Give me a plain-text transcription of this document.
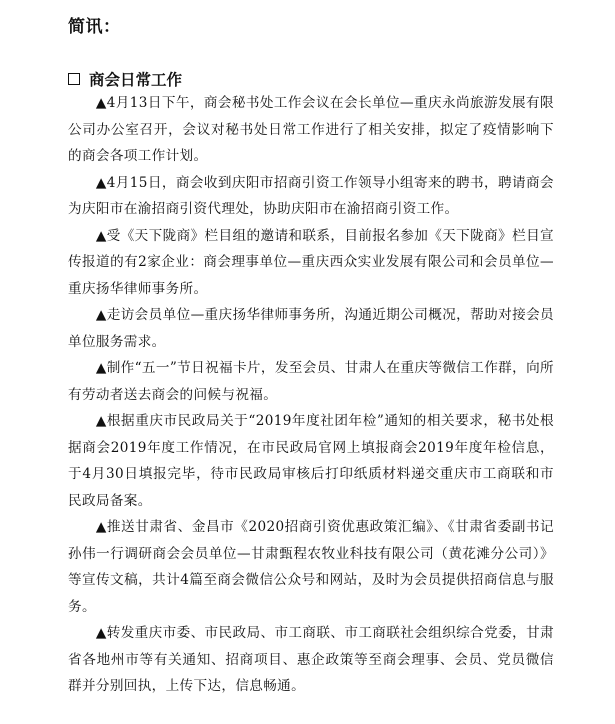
简讯：
商会日常工作

▲4月13日下午，商会秘书处工作会议在会长单位—重庆永尚旅游发展有限公司办公室召开，会议对秘书处日常工作进行了相关安排，拟定了疫情影响下的商会各项工作计划。

▲4月15日，商会收到庆阳市招商引资工作领导小组寄来的聘书，聘请商会为庆阳市在渝招商引资代理处，协助庆阳市在渝招商引资工作。

▲受《天下陇商》栏目组的邀请和联系，目前报名参加《天下陇商》栏目宣传报道的有2家企业：商会理事单位—重庆西众实业发展有限公司和会员单位—重庆扬华律师事务所。

▲走访会员单位—重庆扬华律师事务所，沟通近期公司概况，帮助对接会员单位服务需求。

▲制作“五一”节日祝福卡片，发至会员、甘肃人在重庆等微信工作群，向所有劳动者送去商会的问候与祝福。

▲根据重庆市民政局关于“2019年度社团年检”通知的相关要求，秘书处根据商会2019年度工作情况，在市民政局官网上填报商会2019年度年检信息，于4月30日填报完毕，待市民政局审核后打印纸质材料递交重庆市工商联和市民政局备案。

▲推送甘肃省、金昌市《2020招商引资优惠政策汇编》、《甘肃省委副书记孙伟一行调研商会会员单位—甘肃甄程农牧业科技有限公司（黄花滩分公司）》等宣传文稿，共计4篇至商会微信公众号和网站，及时为会员提供招商信息与服务。

▲转发重庆市委、市民政局、市工商联、市工商联社会组织综合党委，甘肃省各地州市等有关通知、招商项目、惠企政策等至商会理事、会员、党员微信群并分别回执，上传下达，信息畅通。
